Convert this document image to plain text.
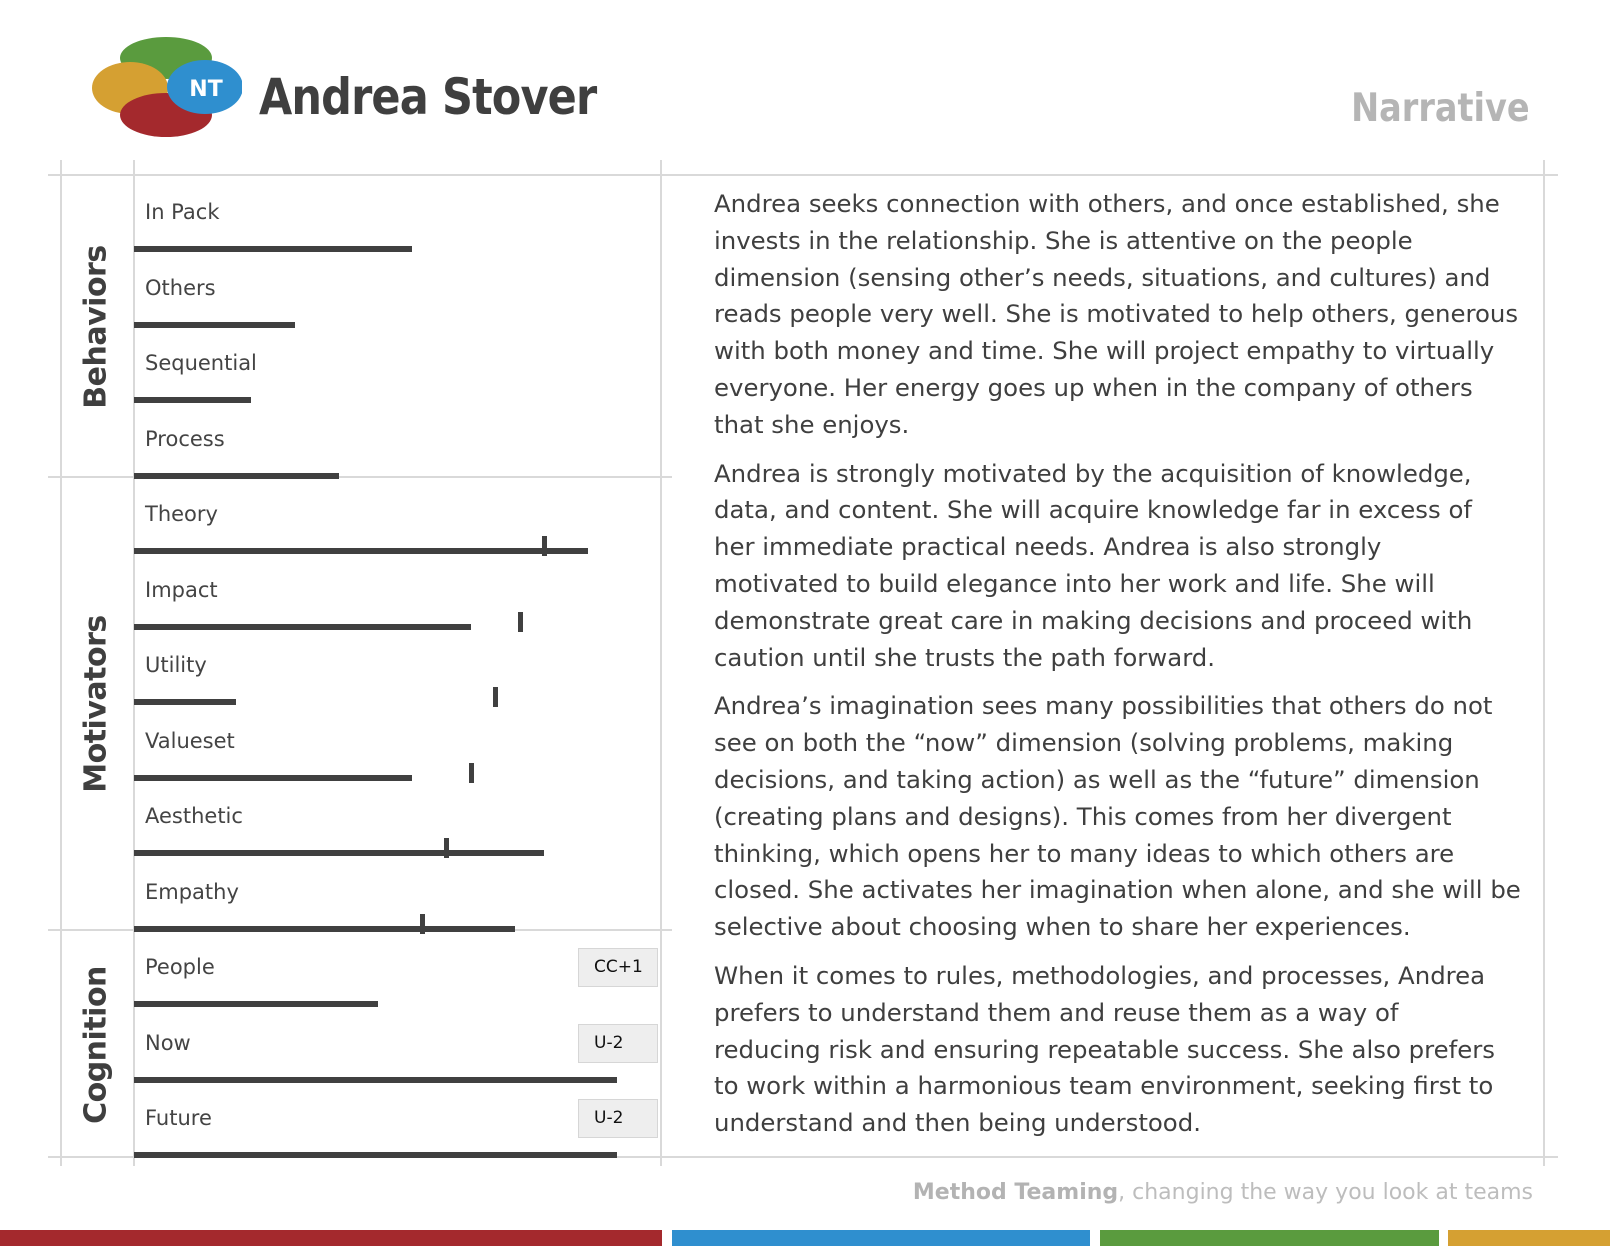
NT Andrea Stover	Narrative
Behaviors
Motivators
Cognition
In Pack
Others
Sequential
Process
Theory
Impact
Utility
Valueset
Aesthetic
Empathy
People	CC+1
Now	U-2
Future	U-2

Andrea seeks connection with others, and once established, she
invests in the relationship. She is attentive on the people
dimension (sensing other’s needs, situations, and cultures) and
reads people very well. She is motivated to help others, generous
with both money and time. She will project empathy to virtually
everyone. Her energy goes up when in the company of others
that she enjoys.

Andrea is strongly motivated by the acquisition of knowledge,
data, and content. She will acquire knowledge far in excess of
her immediate practical needs. Andrea is also strongly
motivated to build elegance into her work and life. She will
demonstrate great care in making decisions and proceed with
caution until she trusts the path forward.

Andrea’s imagination sees many possibilities that others do not
see on both the “now” dimension (solving problems, making
decisions, and taking action) as well as the “future” dimension
(creating plans and designs). This comes from her divergent
thinking, which opens her to many ideas to which others are
closed. She activates her imagination when alone, and she will be
selective about choosing when to share her experiences.

When it comes to rules, methodologies, and processes, Andrea
prefers to understand them and reuse them as a way of
reducing risk and ensuring repeatable success. She also prefers
to work within a harmonious team environment, seeking first to
understand and then being understood.

Method Teaming, changing the way you look at teams
